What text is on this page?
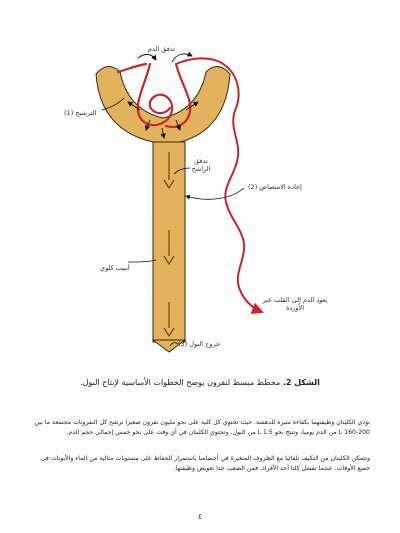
تدفق الدم
الترشيح (1)
تدفق الراشح
إعادة الامتصاص (2)
أنبيب كلوي
يعود الدم إلى القلب عبر الأوردة
خروج البول (3)
الشكل 2. مخطط مبسط لنفرون يوضح الخطوات الأساسية لإنتاج البول.
تؤدي الكليتان وظيفتهما بكفاءة مثيرة للدهشة. حيث تحتوي كل كلية على نحو مليون نفرون صغيرا ترشح كل النفرونات مجتمعة ما بين 200-160 L من الدم يوميا، وتنتج نحو 1.5 L من البول. وتحتوي الكليتان في أي وقت على نحو خمس إجمالي حجم الدم.
وتتمكن الكليتان من التكيف تلقائيا مع الظروف المتغيرة في أجسامنا باستمرار للحفاظ على مستويات مثالية من الماء والأيونات في جميع الأوقات. عندما تفشل كلتا أحد الأفراد، فمن الصعب جدا تعويض وظيفتها.
٤
